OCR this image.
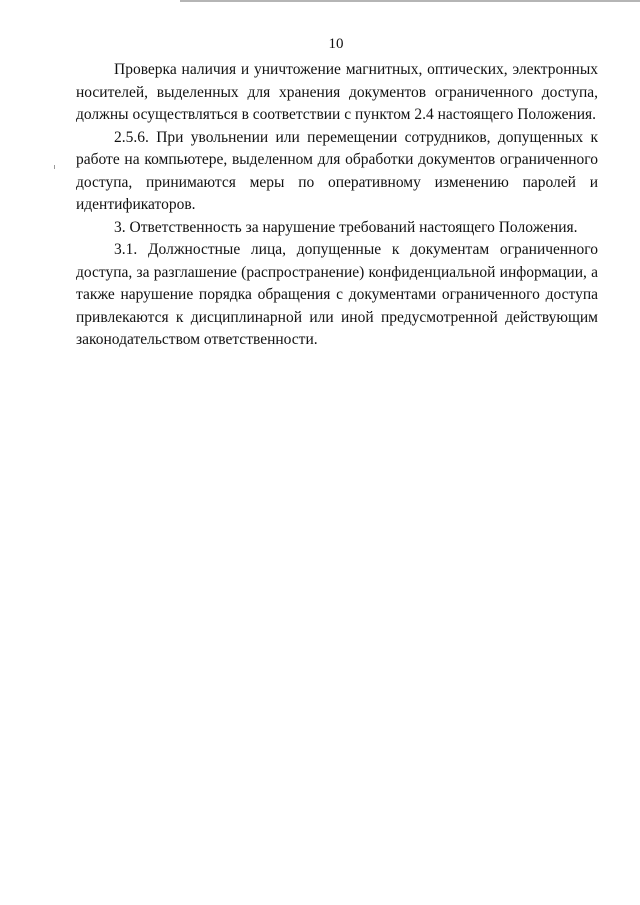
10

Проверка наличия и уничтожение магнитных, оптических, электронных носителей, выделенных для хранения документов ограниченного доступа, должны осуществляться в соответствии с пунктом 2.4 настоящего Положения.

2.5.6. При увольнении или перемещении сотрудников, допущенных к работе на компьютере, выделенном для обработки документов ограниченного доступа, принимаются меры по оперативному изменению паролей и идентификаторов.

3. Ответственность за нарушение требований настоящего Положения.

3.1. Должностные лица, допущенные к документам ограниченного доступа, за разглашение (распространение) конфиденциальной информации, а также нарушение порядка обращения с документами ограниченного доступа привлекаются к дисциплинарной или иной предусмотренной действующим законодательством ответственности.
